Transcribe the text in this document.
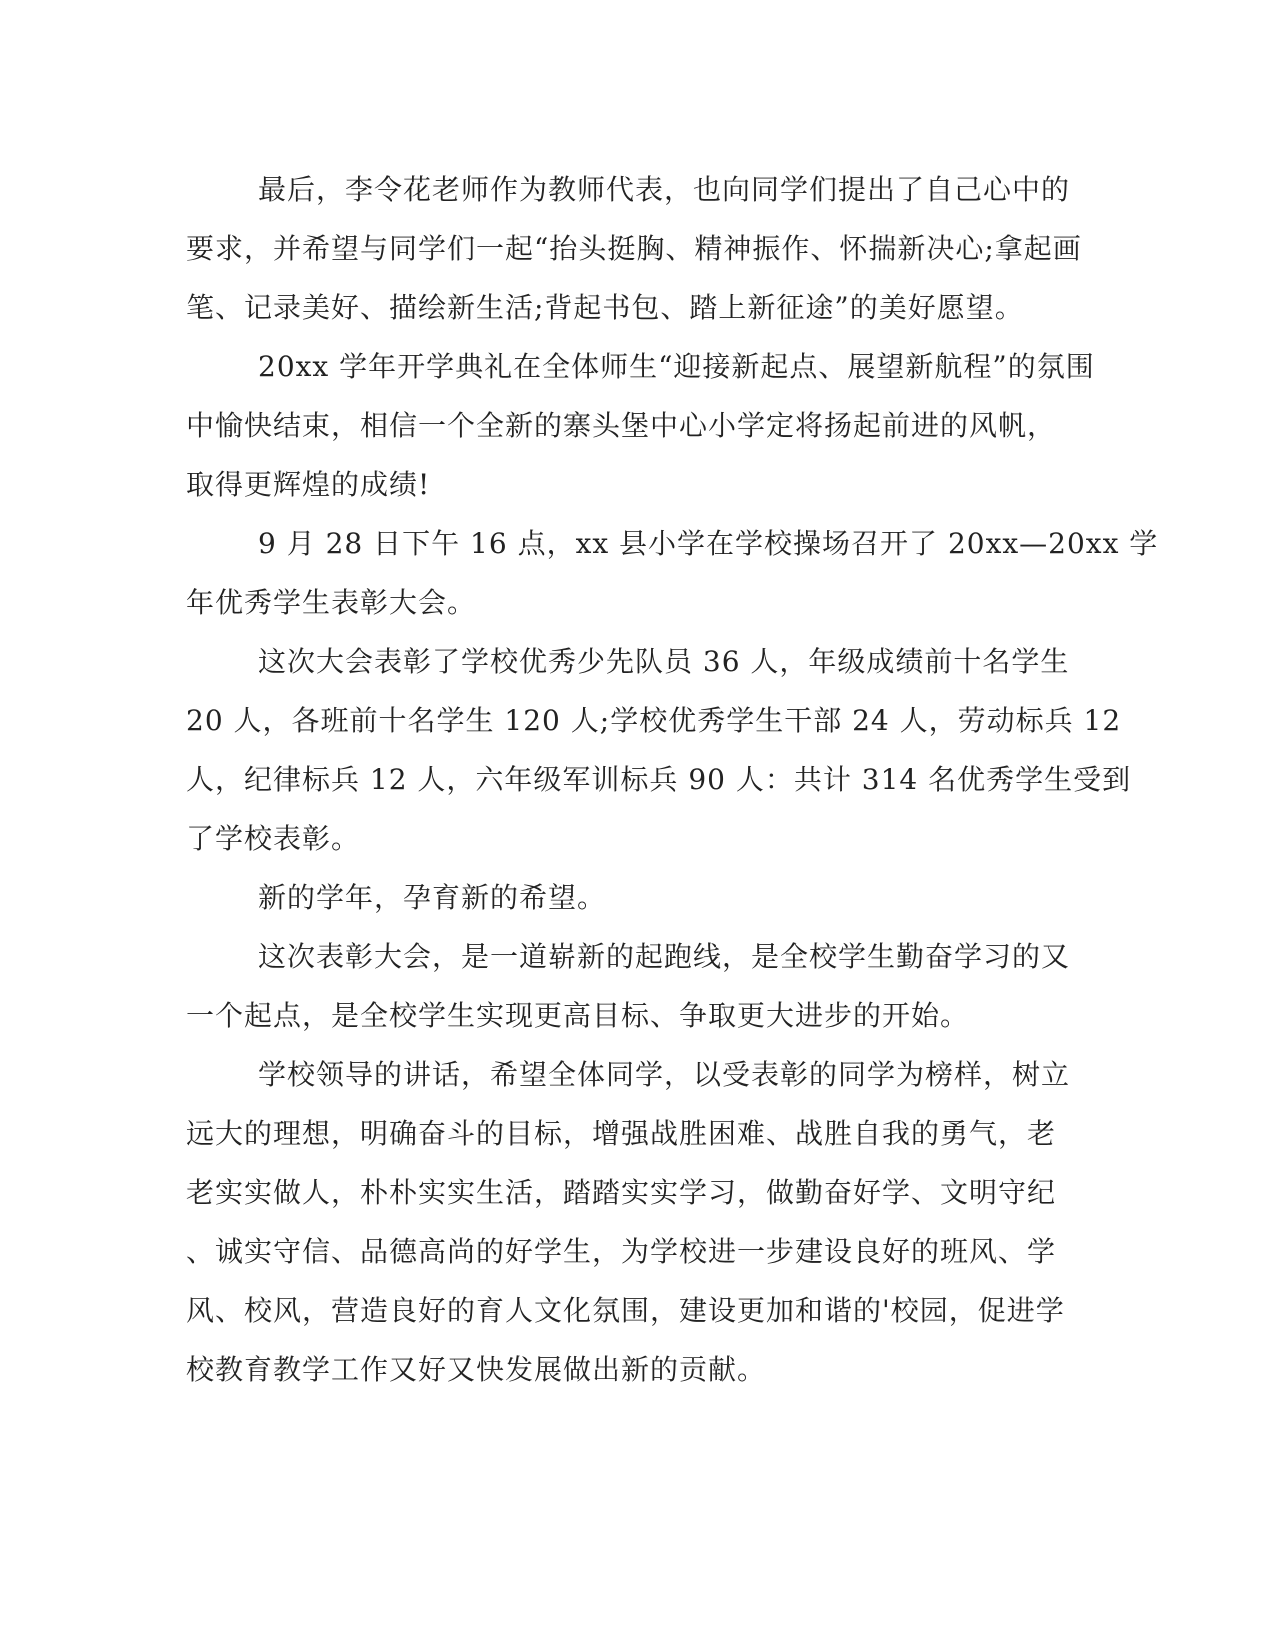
最后，李令花老师作为教师代表，也向同学们提出了自己心中的
要求，并希望与同学们一起“抬头挺胸、精神振作、怀揣新决心;拿起画
笔、记录美好、描绘新生活;背起书包、踏上新征途”的美好愿望。

20xx 学年开学典礼在全体师生“迎接新起点、展望新航程”的氛围
中愉快结束，相信一个全新的寨头堡中心小学定将扬起前进的风帆，
取得更辉煌的成绩!

9 月 28 日下午 16 点，xx 县小学在学校操场召开了 20xx—20xx 学
年优秀学生表彰大会。

这次大会表彰了学校优秀少先队员 36 人，年级成绩前十名学生
20 人，各班前十名学生 120 人;学校优秀学生干部 24 人，劳动标兵 12
人，纪律标兵 12 人，六年级军训标兵 90 人：共计 314 名优秀学生受到
了学校表彰。

新的学年，孕育新的希望。

这次表彰大会，是一道崭新的起跑线，是全校学生勤奋学习的又
一个起点，是全校学生实现更高目标、争取更大进步的开始。

学校领导的讲话，希望全体同学，以受表彰的同学为榜样，树立
远大的理想，明确奋斗的目标，增强战胜困难、战胜自我的勇气，老
老实实做人，朴朴实实生活，踏踏实实学习，做勤奋好学、文明守纪
、诚实守信、品德高尚的好学生，为学校进一步建设良好的班风、学
风、校风，营造良好的育人文化氛围，建设更加和谐的'校园，促进学
校教育教学工作又好又快发展做出新的贡献。
